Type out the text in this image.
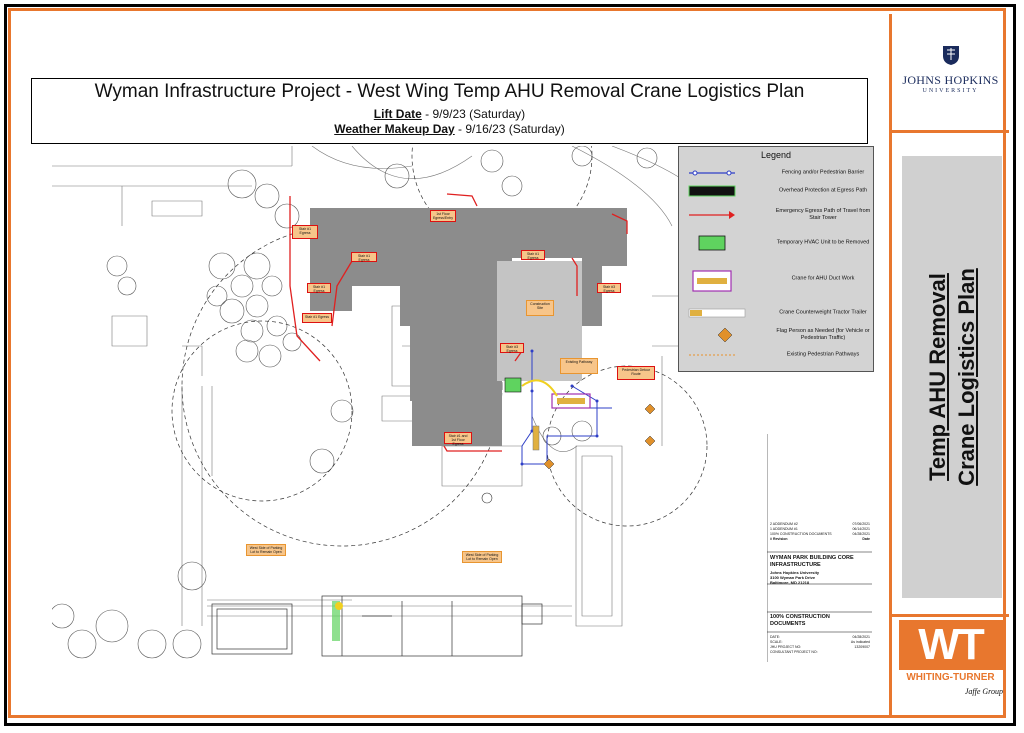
Wyman Infrastructure Project - West Wing Temp AHU Removal Crane Logistics Plan
Lift Date - 9/9/23 (Saturday)
Weather Makeup Day - 9/16/23 (Saturday)
Stair #1 Egress
Stair #1 Egress
Stair #1 Egress
Stair #1 Egress
Stair #1 Egress
Stair #3 Egress
Stair #3 Egress
Construction Site
Stair #1 and 1st Floor Egress
1st Floor Egress/Entry
Existing Pathway
Pedestrian Detour Route
West Side of Parking Lot to Remain Open
West Side of Parking Lot to Remain Open
Legend
Fencing and/or Pedestrian Barrier
Overhead Protection at Egress Path
Emergency Egress Path of Travel from Stair Tower
Temporary HVAC Unit to be Removed
Crane for AHU Duct Work
Crane Counterweight Tractor Trailer
Flag Person as Needed (for Vehicle or Pedestrian Traffic)
Existing Pedestrian Pathways
2 ADDENDUM #2	07/06/2021
1 ADDENDUM #1	06/14/2021
100% CONSTRUCTION DOCUMENTS	04/28/2021
# Revision	Date
WYMAN PARK BUILDING CORE INFRASTRUCTURE
Johns Hopkins University
3100 Wyman Park Drive
Baltimore, MD 21218
100% CONSTRUCTION DOCUMENTS
DATE:	04/28/2021
SCALE:	As indicated
JHU PROJECT NO:	13209007
CONSULTANT PROJECT NO:
JOHNS HOPKINS
UNIVERSITY
Temp AHU Removal Crane Logistics Plan
WT
WHITING-TURNER
Jaffe Group
